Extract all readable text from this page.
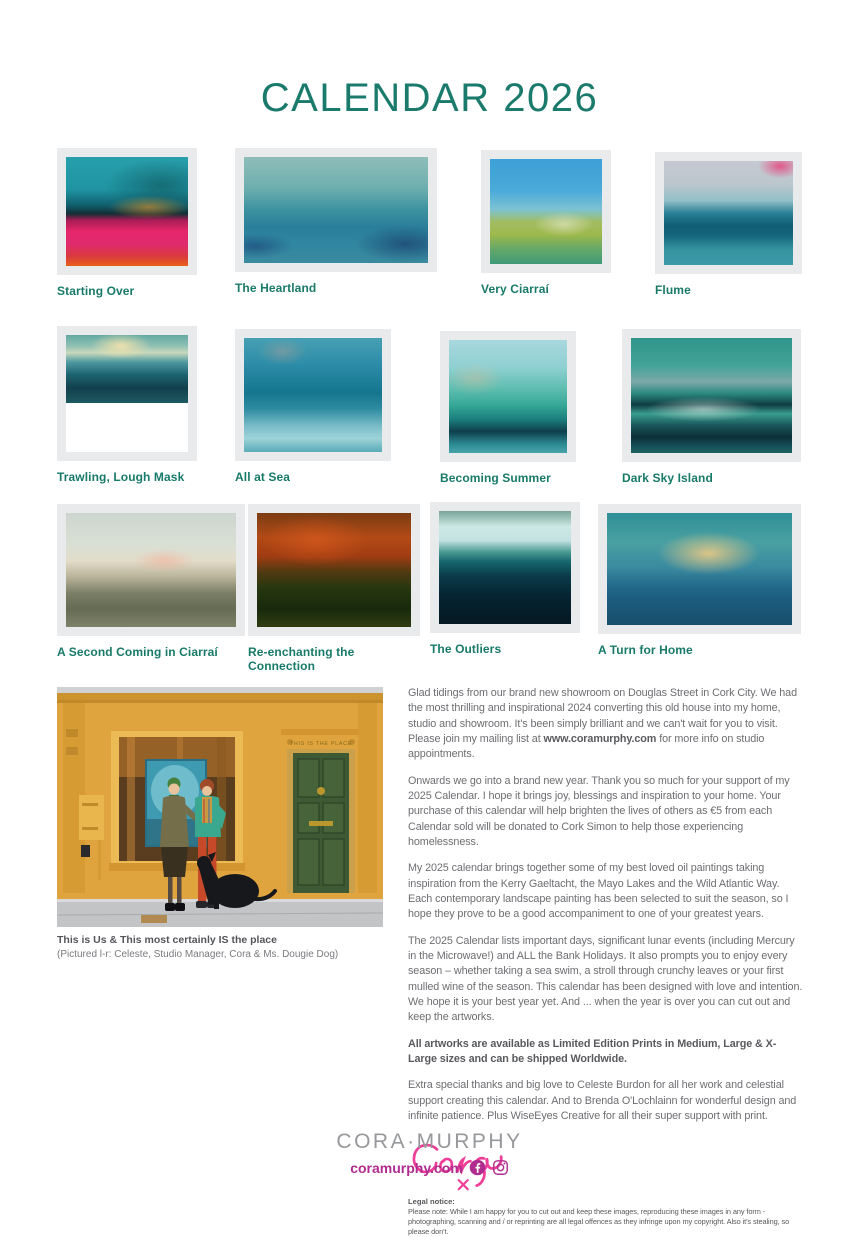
CALENDAR 2026
Starting Over	The Heartland	Very Ciarraí	Flume
Trawling, Lough Mask	All at Sea	Becoming Summer	Dark Sky Island
A Second Coming in Ciarraí	Re-enchanting the Connection
The Outliers	A Turn for Home
THIS IS THE PLACE
This is Us & This most certainly IS the place
(Pictured l-r: Celeste, Studio Manager, Cora & Ms. Dougie Dog)

Glad tidings from our brand new showroom on Douglas Street in Cork City. We had the most thrilling and inspirational 2024 converting this old house into my home, studio and showroom. It's been simply brilliant and we can't wait for you to visit. Please join my mailing list at www.coramurphy.com for more info on studio appointments.

Onwards we go into a brand new year. Thank you so much for your support of my 2025 Calendar. I hope it brings joy, blessings and inspiration to your home. Your purchase of this calendar will help brighten the lives of others as €5 from each Calendar sold will be donated to Cork Simon to help those experiencing homelessness.

My 2025 calendar brings together some of my best loved oil paintings taking inspiration from the Kerry Gaeltacht, the Mayo Lakes and the Wild Atlantic Way. Each contemporary landscape painting has been selected to suit the season, so I hope they prove to be a good accompaniment to one of your greatest years.

The 2025 Calendar lists important days, significant lunar events (including Mercury in the Microwave!) and ALL the Bank Holidays. It also prompts you to enjoy every season – whether taking a sea swim, a stroll through crunchy leaves or your first mulled wine of the season. This calendar has been designed with love and intention. We hope it is your best year yet. And ... when the year is over you can cut out and keep the artworks.

All artworks are available as Limited Edition Prints in Medium, Large & X-Large sizes and can be shipped Worldwide.

Extra special thanks and big love to Celeste Burdon for all her work and celestial support creating this calendar. And to Brenda O'Lochlainn for wonderful design and infinite patience. Plus WiseEyes Creative for all their super support with print.

Legal notice:

Please note: While I am happy for you to cut out and keep these images, reproducing these images in any form - photographing, scanning and / or reprinting are all legal offences as they infringe upon my copyright. Also it's stealing, so please don't.

CORA·MURPHY
coramurphy.com
